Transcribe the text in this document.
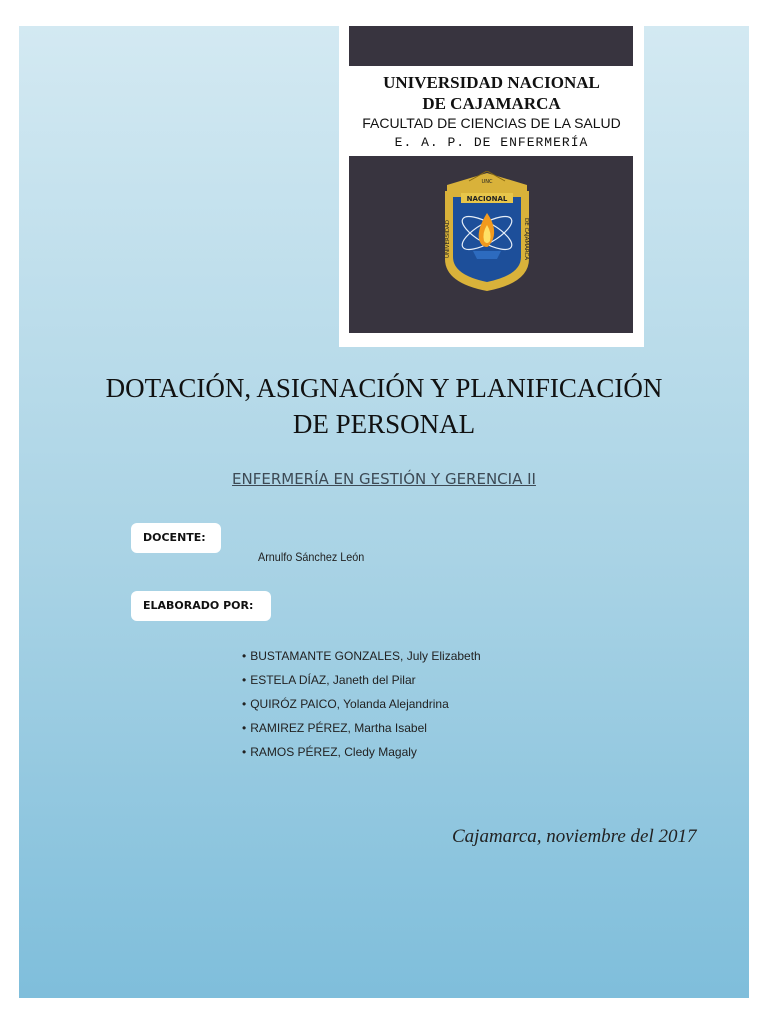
UNIVERSIDAD NACIONAL
DE CAJAMARCA
FACULTAD DE CIENCIAS DE LA SALUD
E. A. P. DE ENFERMERÍA
NACIONAL
UNC
UNIVERSIDAD	DE CAJAMARCA
DOTACIÓN, ASIGNACIÓN Y PLANIFICACIÓN
DE PERSONAL
ENFERMERÍA EN GESTIÓN Y GERENCIA II
DOCENTE:
Arnulfo Sánchez León
ELABORADO POR:
• BUSTAMANTE GONZALES, July Elizabeth
• ESTELA DÍAZ, Janeth del Pilar
• QUIRÓZ PAICO, Yolanda Alejandrina
• RAMIREZ PÉREZ, Martha Isabel
• RAMOS PÉREZ, Cledy Magaly
Cajamarca, noviembre del 2017
